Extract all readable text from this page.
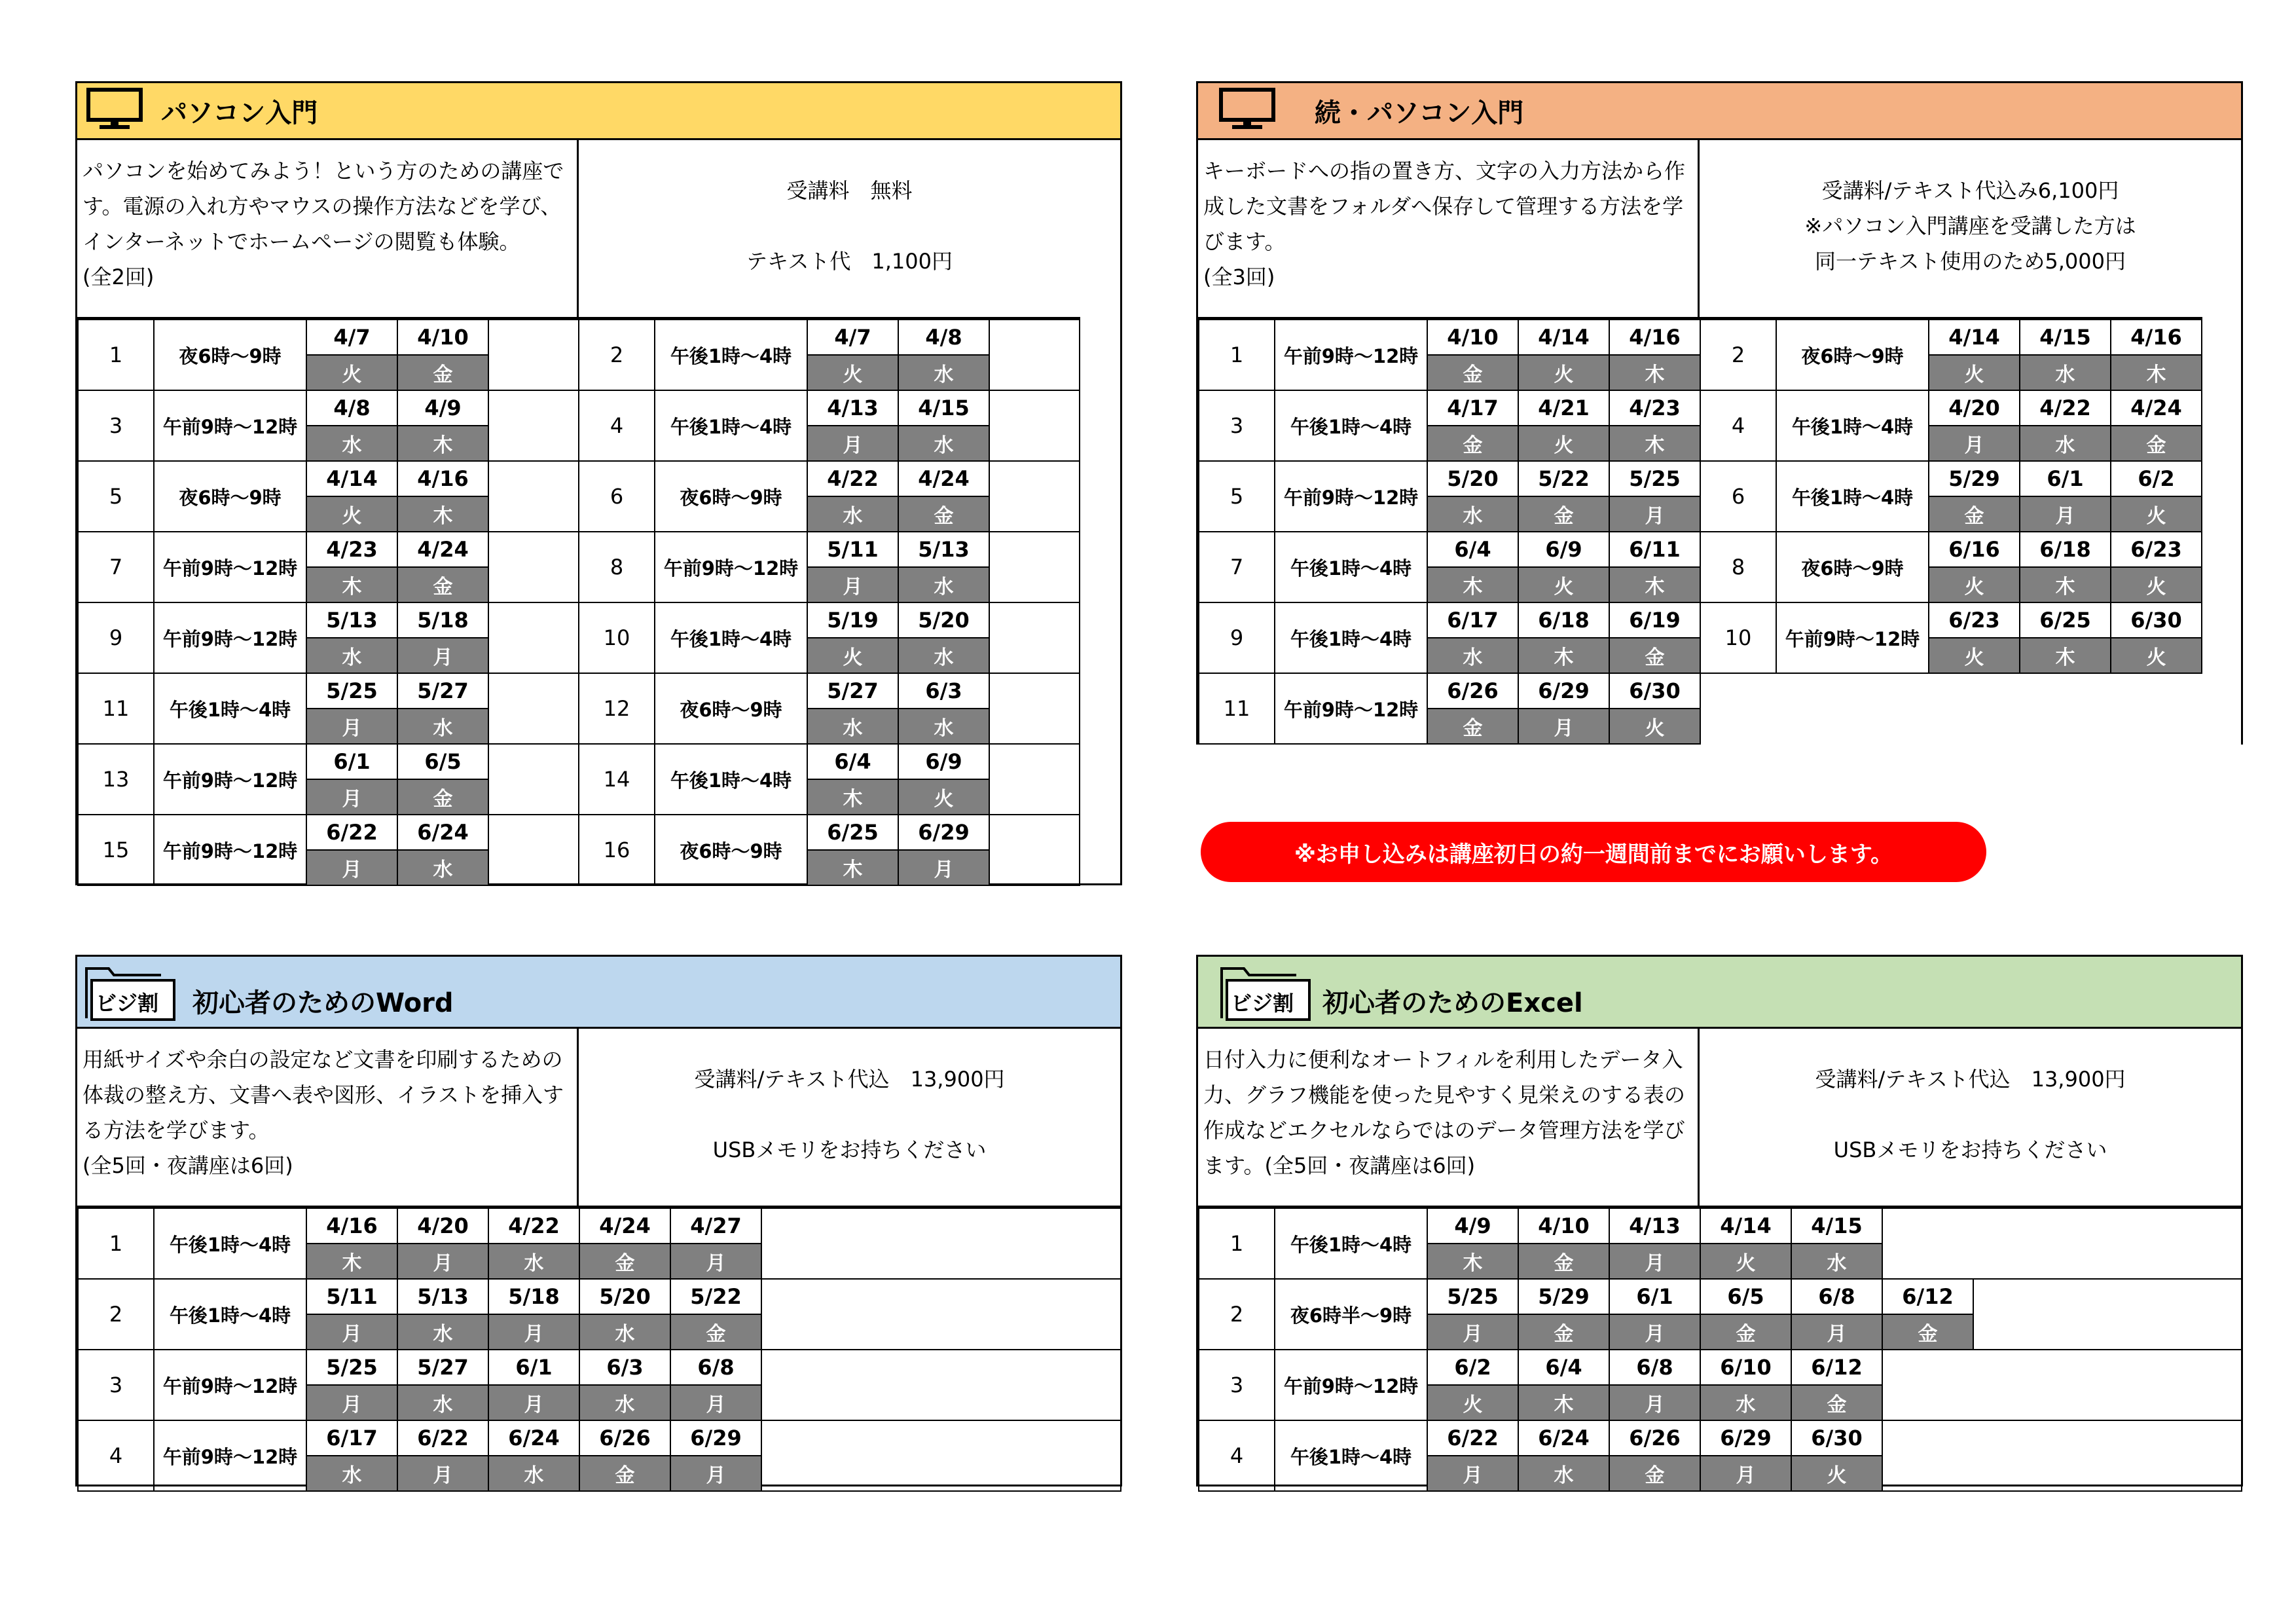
パソコン入門
パソコンを始めてみよう！という方のための講座で
す。電源の入れ方やマウスの操作方法などを学び、
インターネットでホームページの閲覧も体験。
(全2回)
受講料　無料
テキスト代　1,100円
1	夜6時～9時	4/7	4/10		2	午後1時～4時	4/7	4/8	
		火	金				火	水	
3	午前9時～12時	4/8	4/9		4	午後1時～4時	4/13	4/15	
		水	木				月	水	
5	夜6時～9時	4/14	4/16		6	夜6時～9時	4/22	4/24	
		火	木				水	金	
7	午前9時～12時	4/23	4/24		8	午前9時～12時	5/11	5/13	
		木	金				月	水	
9	午前9時～12時	5/13	5/18		10	午後1時～4時	5/19	5/20	
		水	月				火	水	
11	午後1時～4時	5/25	5/27		12	夜6時～9時	5/27	6/3	
		月	水				水	水	
13	午前9時～12時	6/1	6/5		14	午後1時～4時	6/4	6/9	
		月	金				木	火	
15	午前9時～12時	6/22	6/24		16	夜6時～9時	6/25	6/29	
		月	水				木	月	
続・パソコン入門
キーボードへの指の置き方、文字の入力方法から作
成した文書をフォルダへ保存して管理する方法を学
びます。
(全3回)
受講料/テキスト代込み6,100円
※パソコン入門講座を受講した方は
同一テキスト使用のため5,000円
1	午前9時～12時	4/10	4/14	4/16		2	夜6時～9時	4/14	4/15	4/16	
		金	火	木			火	水	木	
3	午後1時～4時	4/17	4/21	4/23		4	午後1時～4時	4/20	4/22	4/24	
		金	火	木			月	水	金	
5	午前9時～12時	5/20	5/22	5/25		6	午後1時～4時	5/29	6/1	6/2	
		水	金	月			金	月	火	
7	午後1時～4時	6/4	6/9	6/11		8	夜6時～9時	6/16	6/18	6/23	
		木	火	木			火	木	火	
9	午後1時～4時	6/17	6/18	6/19		10	午前9時～12時	6/23	6/25	6/30	
		水	木	金			火	木	火	
11	午前9時～12時	6/26	6/29	6/30						
		金	月	火						
※お申し込みは講座初日の約一週間前までにお願いします。
ビジ割 初心者のためのWord
用紙サイズや余白の設定など文書を印刷するための
体裁の整え方、文書へ表や図形、イラストを挿入す
る方法を学びます。
(全5回・夜講座は6回)
受講料/テキスト代込　13,900円
USBメモリをお持ちください
1	午後1時～4時	4/16	4/20	4/22	4/24	4/27	
		木	月	水	金	月	
2	午後1時～4時	5/11	5/13	5/18	5/20	5/22	
		月	水	月	水	金	
3	午前9時～12時	5/25	5/27	6/1	6/3	6/8	
		月	水	月	水	月	
4	午前9時～12時	6/17	6/22	6/24	6/26	6/29	
		水	月	水	金	月	
ビジ割 初心者のためのExcel
日付入力に便利なオートフィルを利用したデータ入
力、グラフ機能を使った見やすく見栄えのする表の
作成などエクセルならではのデータ管理方法を学び
ます。(全5回・夜講座は6回)
受講料/テキスト代込　13,900円
USBメモリをお持ちください
1	午後1時～4時	4/9	4/10	4/13	4/14	4/15		
		木	金	月	火	水		
2	夜6時半～9時	5/25	5/29	6/1	6/5	6/8	6/12	
		月	金	月	金	月	金	
3	午前9時～12時	6/2	6/4	6/8	6/10	6/12		
		火	木	月	水	金		
4	午後1時～4時	6/22	6/24	6/26	6/29	6/30		
		月	水	金	月	火		
